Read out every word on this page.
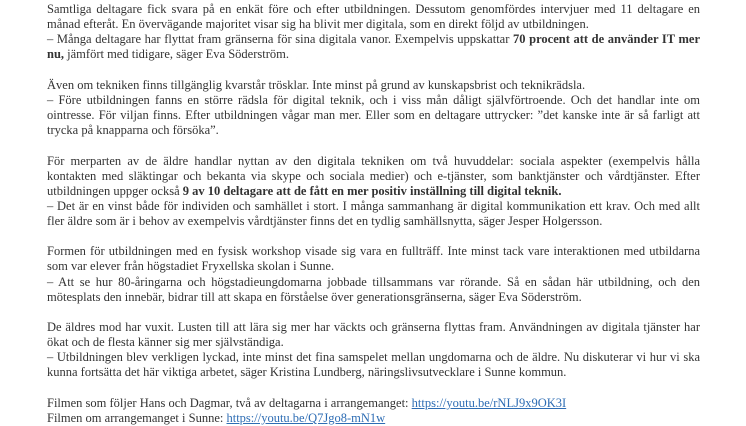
Samtliga deltagare fick svara på en enkät före och efter utbildningen. Dessutom genomfördes intervjuer med 11 deltagare en månad efteråt. En övervägande majoritet visar sig ha blivit mer digitala, som en direkt följd av utbildningen.
– Många deltagare har flyttat fram gränserna för sina digitala vanor. Exempelvis uppskattar 70 procent att de använder IT mer nu, jämfört med tidigare, säger Eva Söderström.

Även om tekniken finns tillgänglig kvarstår trösklar. Inte minst på grund av kunskapsbrist och teknikrädsla.
– Före utbildningen fanns en större rädsla för digital teknik, och i viss mån dåligt självförtroende. Och det handlar inte om ointresse. För viljan finns. Efter utbildningen vågar man mer. Eller som en deltagare uttrycker: ”det kanske inte är så farligt att trycka på knapparna och försöka”.

För merparten av de äldre handlar nyttan av den digitala tekniken om två huvuddelar: sociala aspekter (exempelvis hålla kontakten med släktingar och bekanta via skype och sociala medier) och e-tjänster, som banktjänster och vårdtjänster. Efter utbildningen uppger också 9 av 10 deltagare att de fått en mer positiv inställning till digital teknik.
– Det är en vinst både för individen och samhället i stort. I många sammanhang är digital kommunikation ett krav. Och med allt fler äldre som är i behov av exempelvis vårdtjänster finns det en tydlig samhällsnytta, säger Jesper Holgersson.

Formen för utbildningen med en fysisk workshop visade sig vara en fullträff. Inte minst tack vare interaktionen med utbildarna som var elever från högstadiet Fryxellska skolan i Sunne.
– Att se hur 80-åringarna och högstadieungdomarna jobbade tillsammans var rörande. Så en sådan här utbildning, och den mötesplats den innebär, bidrar till att skapa en förståelse över generationsgränserna, säger Eva Söderström.

De äldres mod har vuxit. Lusten till att lära sig mer har väckts och gränserna flyttas fram. Användningen av digitala tjänster har ökat och de flesta känner sig mer självständiga.
– Utbildningen blev verkligen lyckad, inte minst det fina samspelet mellan ungdomarna och de äldre. Nu diskuterar vi hur vi ska kunna fortsätta det här viktiga arbetet, säger Kristina Lundberg, näringslivsutvecklare i Sunne kommun.

Filmen som följer Hans och Dagmar, två av deltagarna i arrangemanget: https://youtu.be/rNLJ9x9OK3I
Filmen om arrangemanget i Sunne: https://youtu.be/Q7Jgo8-mN1w
